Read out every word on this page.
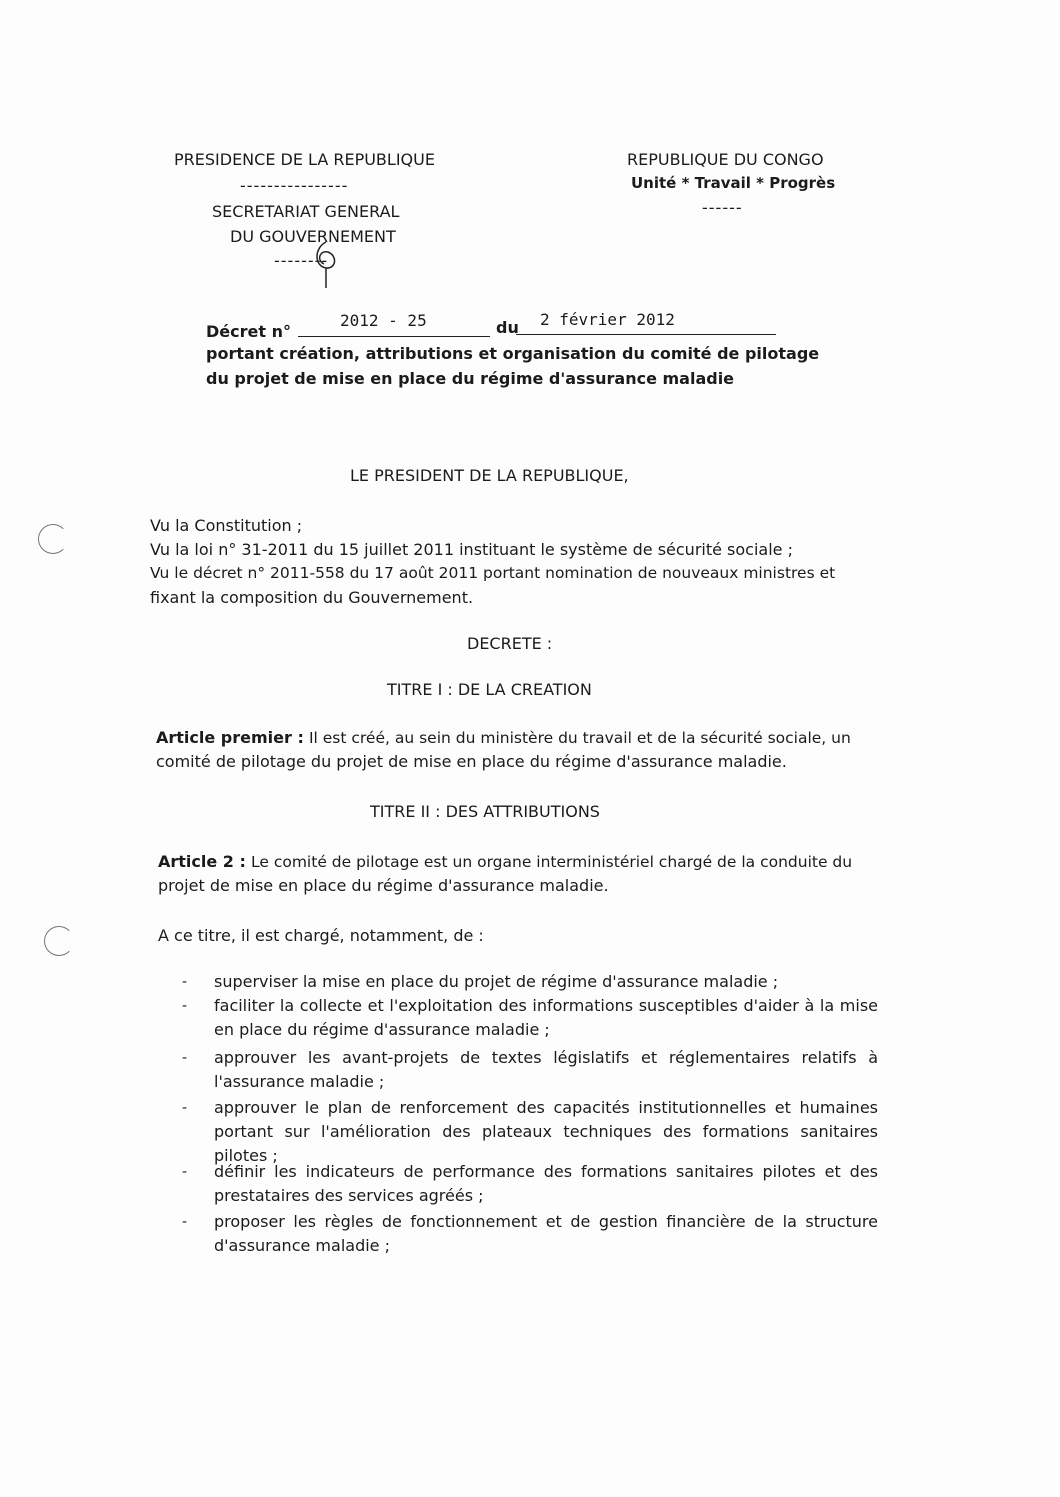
PRESIDENCE DE LA REPUBLIQUE
----------------
SECRETARIAT GENERAL
DU GOUVERNEMENT
--------
REPUBLIQUE DU CONGO
Unité * Travail * Progrès
------
Décret n°
2012 - 25	du 2 février 2012
portant création, attributions et organisation du comité de pilotage
du projet de mise en place du régime d'assurance maladie
LE PRESIDENT DE LA REPUBLIQUE,
Vu la Constitution ;
Vu la loi n° 31-2011 du 15 juillet 2011 instituant le système de sécurité sociale ;
Vu le décret n° 2011-558 du 17 août 2011 portant nomination de nouveaux ministres et
fixant la composition du Gouvernement.
DECRETE :
TITRE I : DE LA CREATION
Article premier : Il est créé, au sein du ministère du travail et de la sécurité sociale, un
comité de pilotage du projet de mise en place du régime d'assurance maladie.
TITRE II : DES ATTRIBUTIONS
Article 2 : Le comité de pilotage est un organe interministériel chargé de la conduite du
projet de mise en place du régime d'assurance maladie.
A ce titre, il est chargé, notamment, de :
- superviser la mise en place du projet de régime d'assurance maladie ;
- faciliter la collecte et l'exploitation des informations susceptibles d'aider à la mise en place du régime d'assurance maladie ;
- approuver les avant-projets de textes législatifs et réglementaires relatifs à l'assurance maladie ;
- approuver le plan de renforcement des capacités institutionnelles et humaines portant sur l'amélioration des plateaux techniques des formations sanitaires pilotes ;
- définir les indicateurs de performance des formations sanitaires pilotes et des prestataires des services agréés ;
- proposer les règles de fonctionnement et de gestion financière de la structure d'assurance maladie ;
